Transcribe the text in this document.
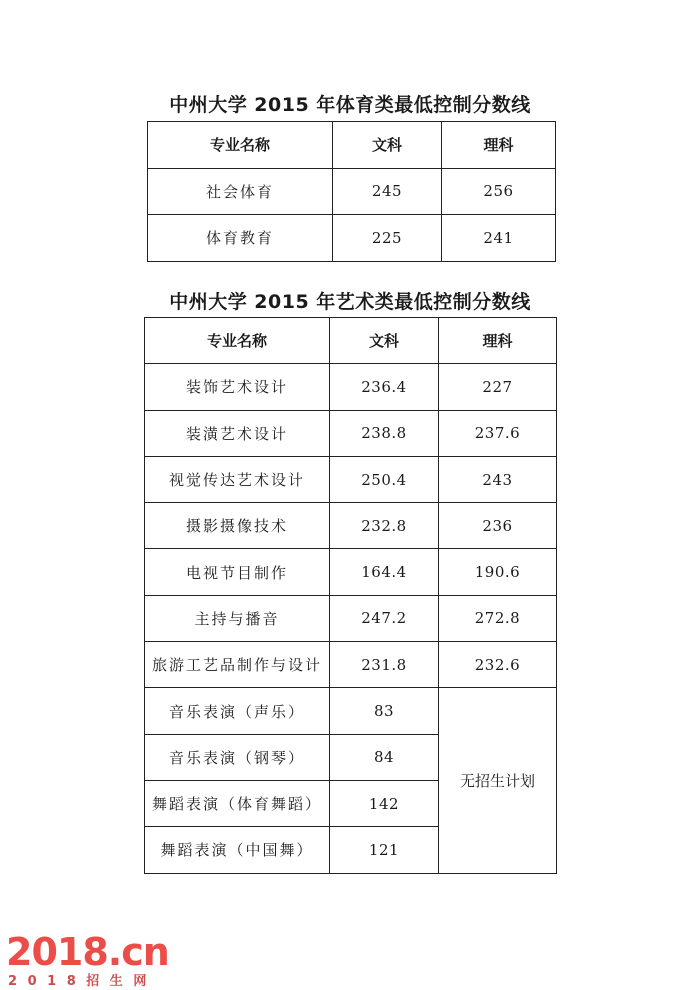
中州大学 2015 年体育类最低控制分数线
专业名称	文科	理科
社会体育	245	256
体育教育	225	241
中州大学 2015 年艺术类最低控制分数线
专业名称	文科	理科
装饰艺术设计	236.4	227
装潢艺术设计	238.8	237.6
视觉传达艺术设计	250.4	243
摄影摄像技术	232.8	236
电视节目制作	164.4	190.6
主持与播音	247.2	272.8
旅游工艺品制作与设计	231.8	232.6
音乐表演（声乐）	83	无招生计划
音乐表演（钢琴）	84	
舞蹈表演（体育舞蹈）	142	
舞蹈表演（中国舞）	121	
2018.cn
2 0 1 8 招 生 网
